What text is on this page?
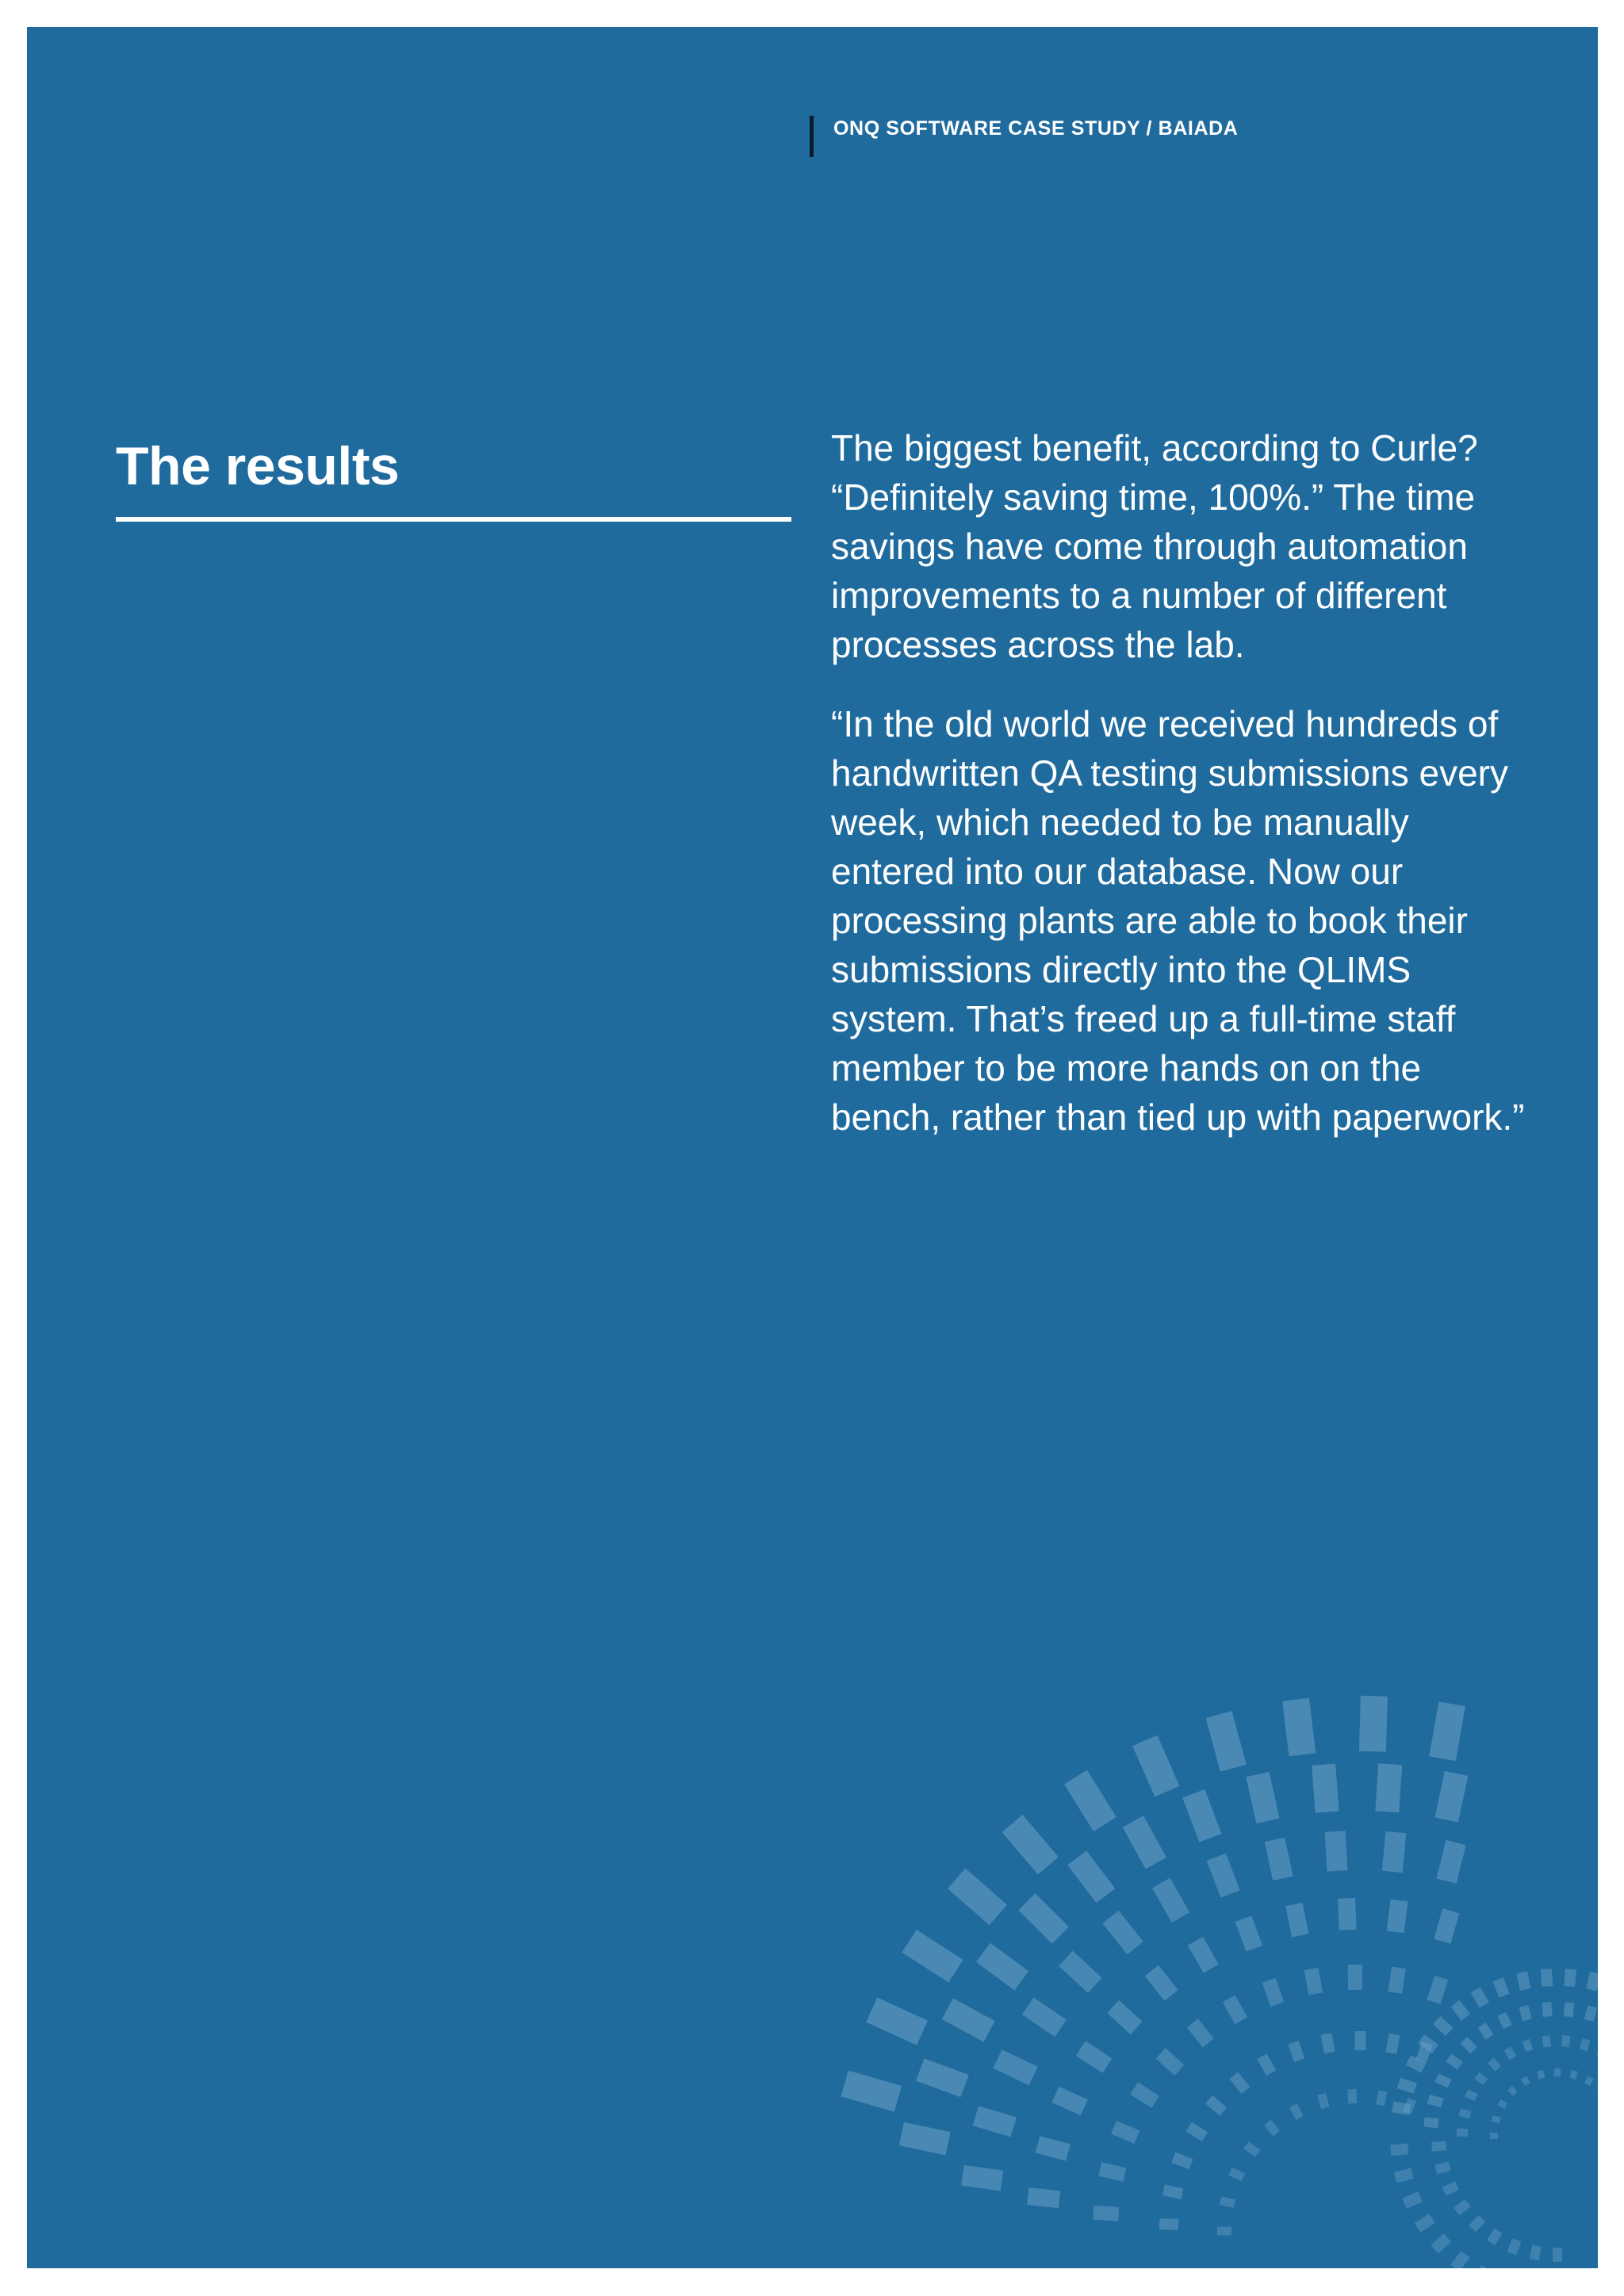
ONQ SOFTWARE CASE STUDY / BAIADA
The results	The biggest benefit, according to Curle? “Definitely saving time, 100%.” The time savings have come through automation improvements to a number of different processes across the lab.

“In the old world we received hundreds of handwritten QA testing submissions every week, which needed to be manually entered into our database. Now our processing plants are able to book their submissions directly into the QLIMS system. That’s freed up a full-time staff member to be more hands on on the bench, rather than tied up with paperwork.”
